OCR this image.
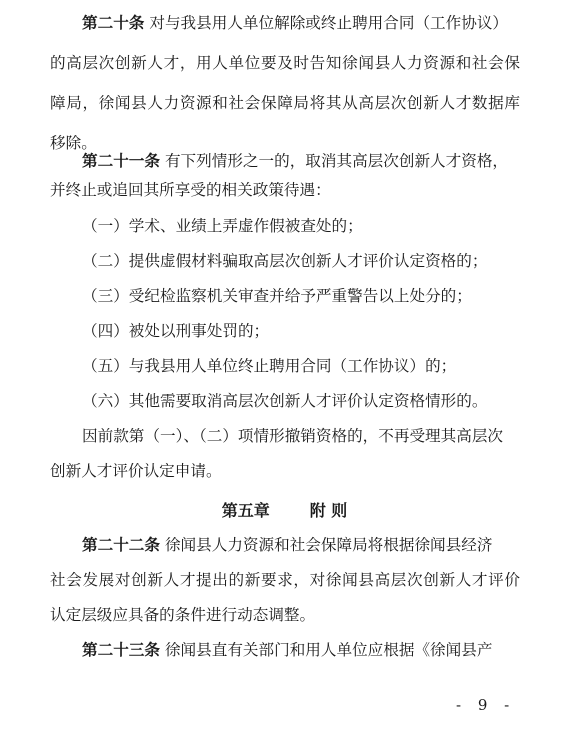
第二十条 对与我县用人单位解除或终止聘用合同（工作协议）
的高层次创新人才，用人单位要及时告知徐闻县人力资源和社会保
障局，徐闻县人力资源和社会保障局将其从高层次创新人才数据库
移除。
第二十一条 有下列情形之一的，取消其高层次创新人才资格，
并终止或追回其所享受的相关政策待遇：
（一）学术、业绩上弄虚作假被查处的；
（二）提供虚假材料骗取高层次创新人才评价认定资格的；
（三）受纪检监察机关审查并给予严重警告以上处分的；
（四）被处以刑事处罚的；
（五）与我县用人单位终止聘用合同（工作协议）的；
（六）其他需要取消高层次创新人才评价认定资格情形的。
因前款第（一）、（二）项情形撤销资格的，不再受理其高层次
创新人才评价认定申请。
第五章	附 则
第二十二条 徐闻县人力资源和社会保障局将根据徐闻县经济
社会发展对创新人才提出的新要求，对徐闻县高层次创新人才评价
认定层级应具备的条件进行动态调整。
第二十三条 徐闻县直有关部门和用人单位应根据《徐闻县产
- 9 -
